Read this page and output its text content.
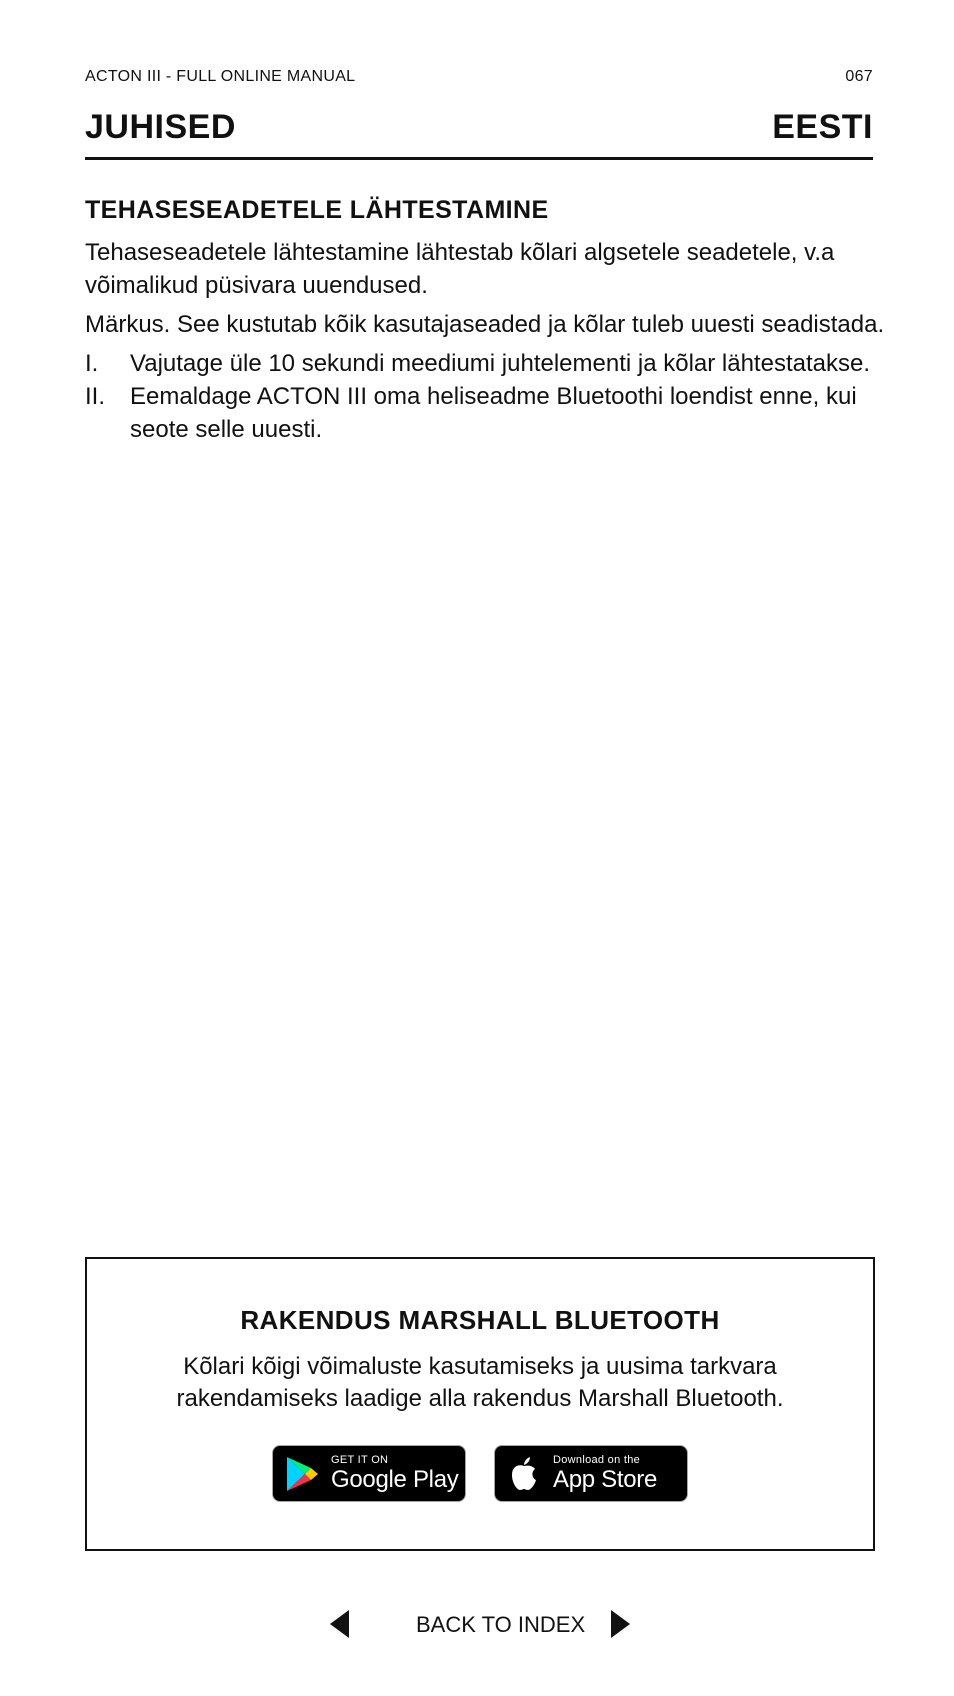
ACTON III - FULL ONLINE MANUAL	067
JUHISED	EESTI
TEHASESEADETELE LÄHTESTAMINE
Tehaseseadetele lähtestamine lähtestab kõlari algsetele seadetele, v.a võimalikud püsivara uuendused.
Märkus. See kustutab kõik kasutajaseaded ja kõlar tuleb uuesti seadistada.
I.	Vajutage üle 10 sekundi meediumi juhtelementi ja kõlar lähtestatakse.
II.	Eemaldage ACTON III oma heliseadme Bluetoothi loendist enne, kui seote selle uuesti.
RAKENDUS MARSHALL BLUETOOTH
Kõlari kõigi võimaluste kasutamiseks ja uusima tarkvara rakendamiseks laadige alla rakendus Marshall Bluetooth.
GET IT ON
Google Play
Download on the
App Store
BACK TO INDEX
